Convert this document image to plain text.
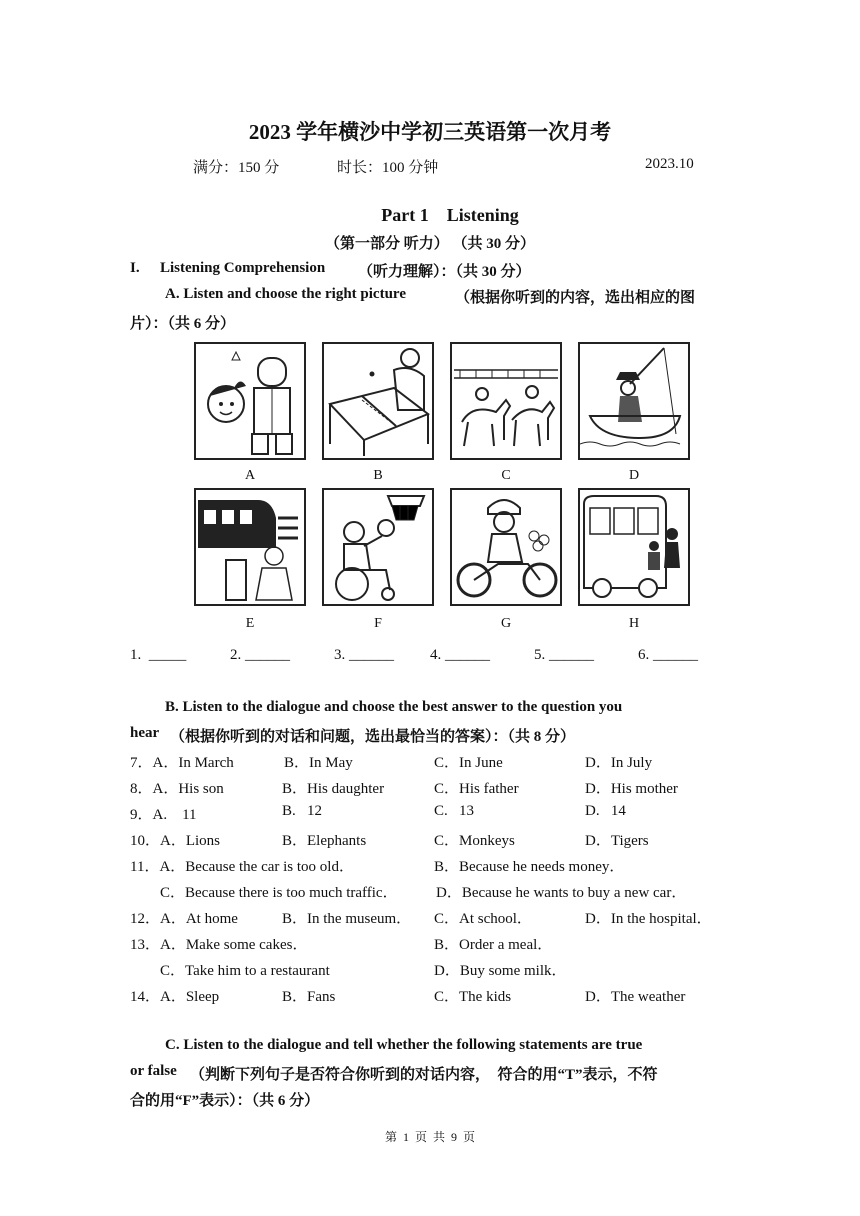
2023 学年横沙中学初三英语第一次月考
满分：150 分	时长：100 分钟	2023.10
Part 1    Listening
（第一部分 听力） （共 30 分）
I. Listening Comprehension （听力理解）：（共 30 分）
A. Listen and choose the right picture	（根据你听到的内容，选出相应的图
片）：（共 6 分）
A	B	C	D
E	F	G	H
1.  _____	2. ______	3. ______ 4. ______	5. ______	6. ______
B. Listen to the dialogue and choose the best answer to the question you
hear （根据你听到的对话和问题，选出最恰当的答案）：（共 8 分）
7．A．In March	B．In May	C．In June	D．In July
8．A．His son	B．His daughter	C．His father	D．His mother
9．A.    11	B.   12	C.   13	D.   14
10．A．Lions	B．Elephants	C．Monkeys	D．Tigers
11．A．Because the car is too old．	B．Because he needs money．
C．Because there is too much traffic．	D．Because he wants to buy a new car．
12．A．At home	B．In the museum． C．At school．	D．In the hospital．
13．A．Make some cakes．	B．Order a meal．
C．Take him to a restaurant	D．Buy some milk．
14．A．Sleep	B．Fans	C．The kids	D．The weather
C. Listen to the dialogue and tell whether the following statements are true
or false （判断下列句子是否符合你听到的对话内容，  符合的用“T”表示，不符
合的用“F”表示）：（共 6 分）
第  1  页  共  9  页
